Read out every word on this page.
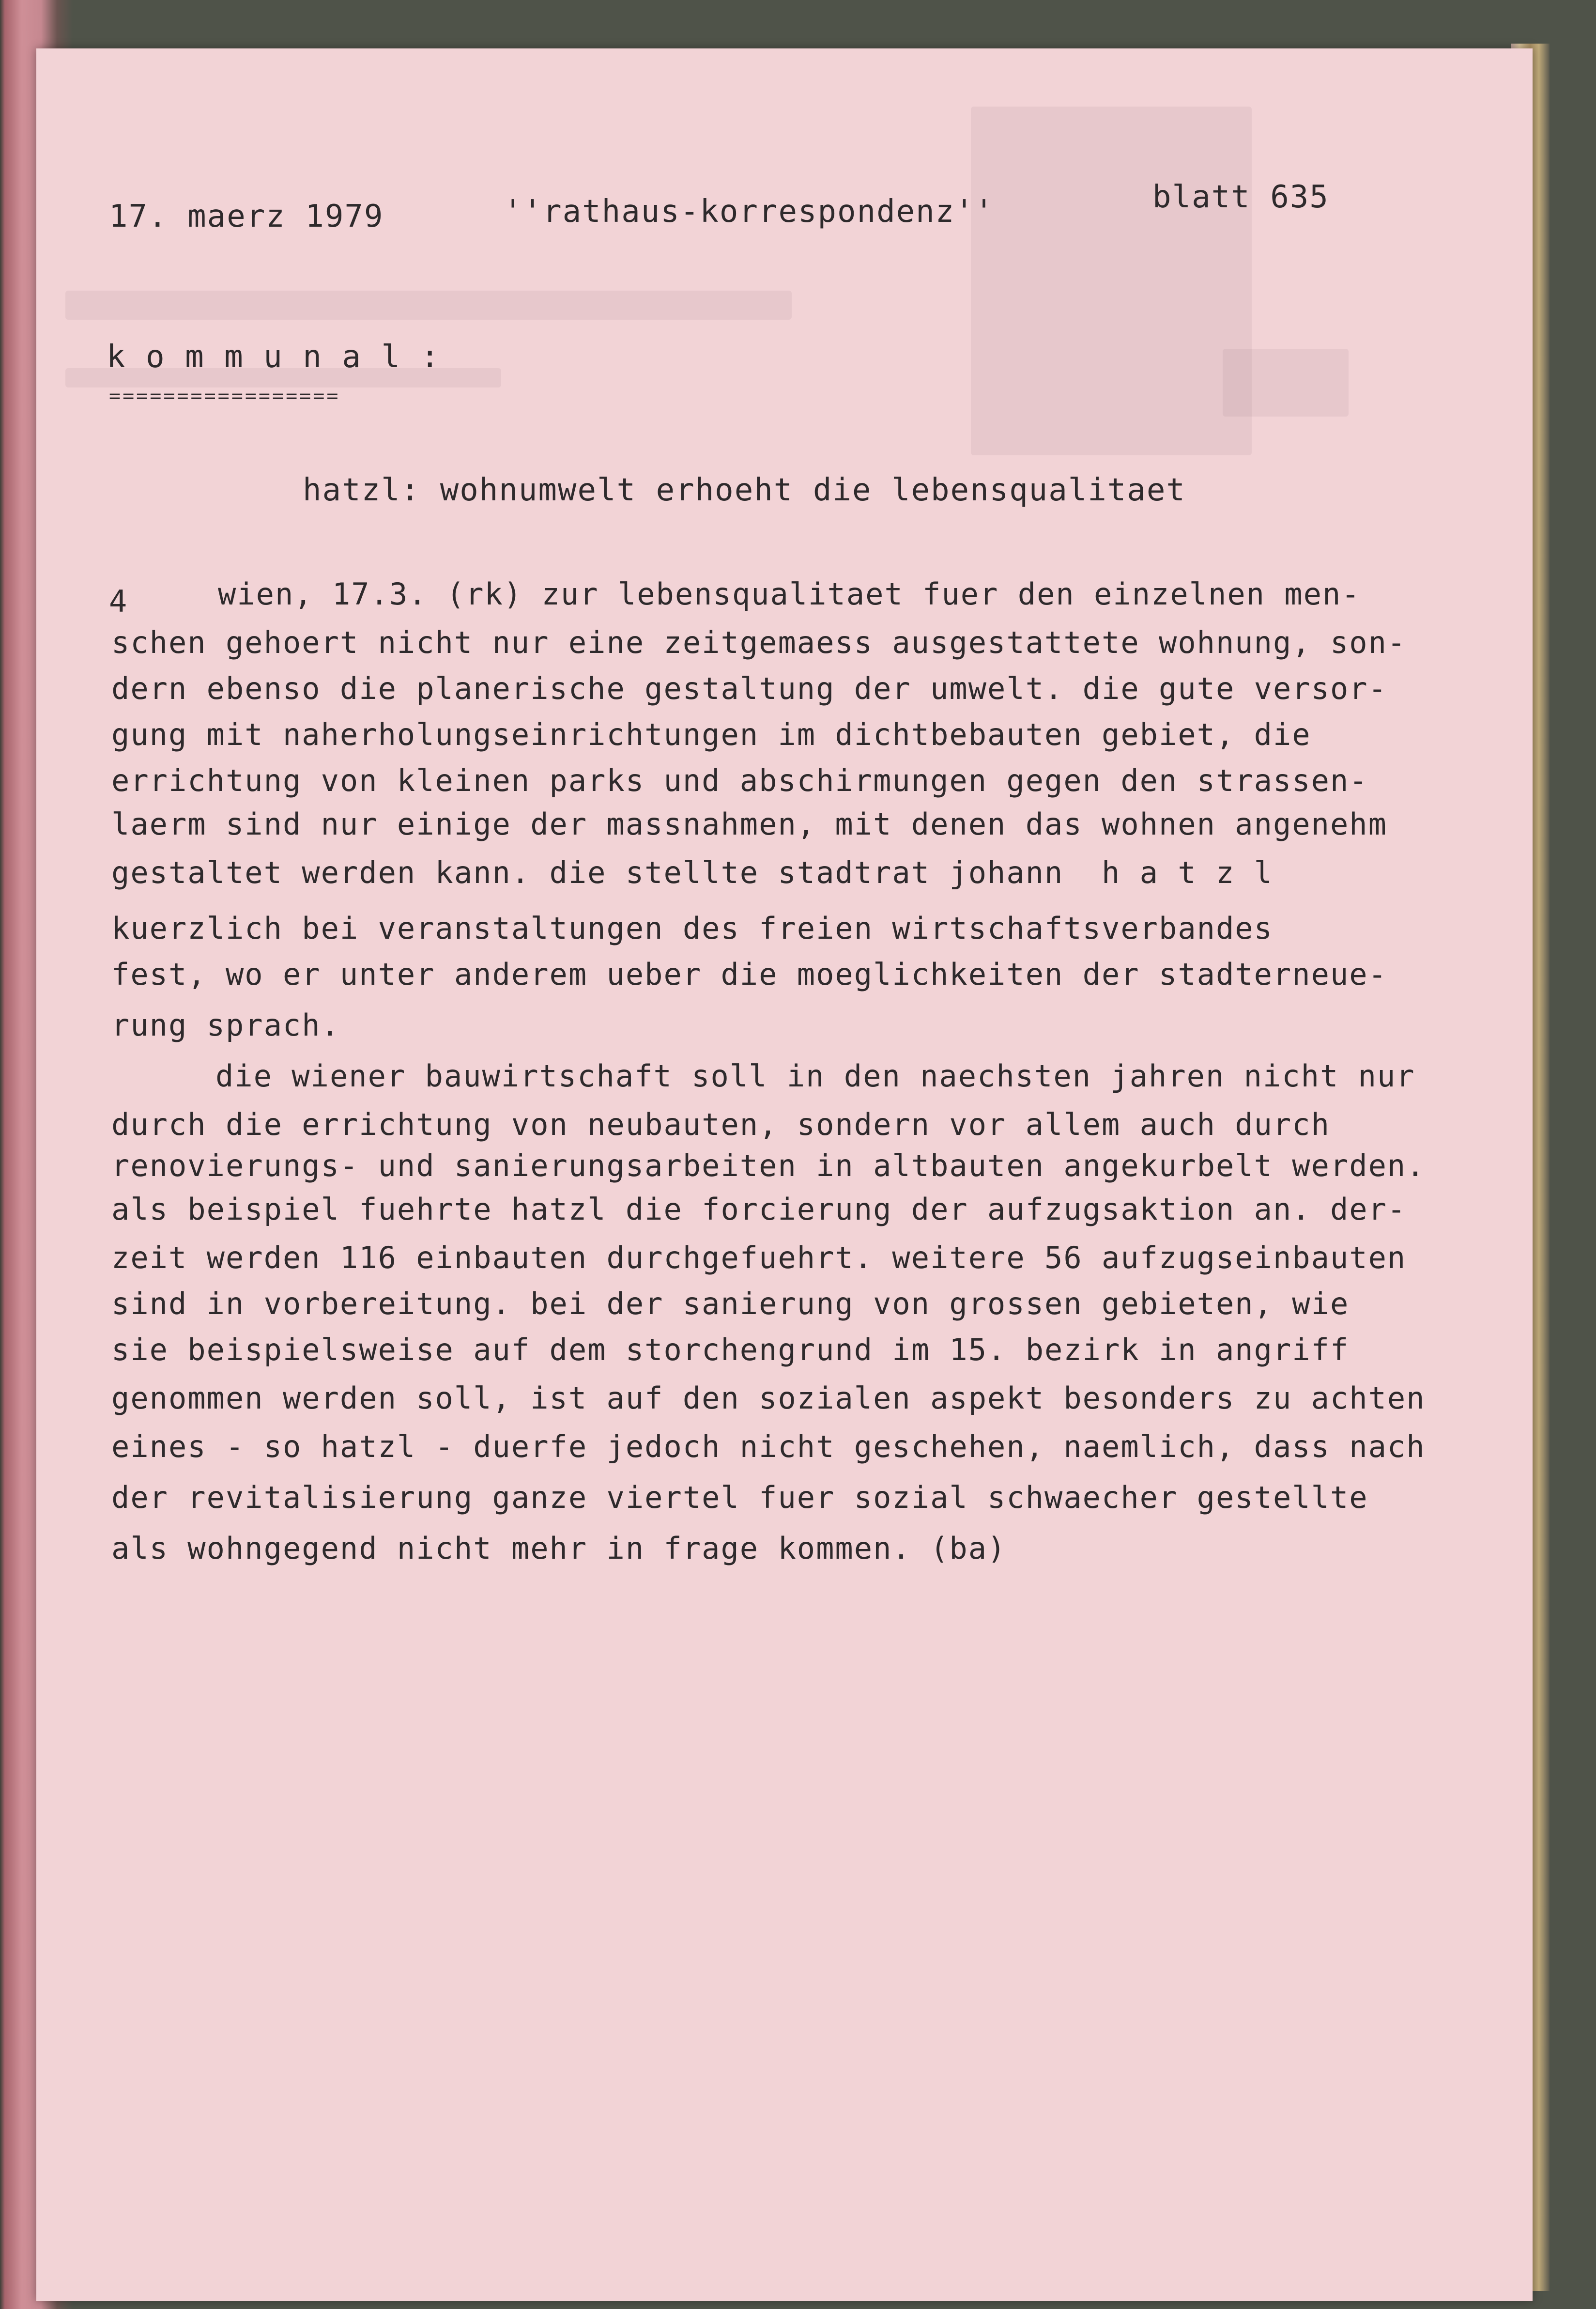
17. maerz 1979	''rathaus-korrespondenz''	blatt 635
k o m m u n a l :
=================
hatzl: wohnumwelt erhoeht die lebensqualitaet
4	wien, 17.3. (rk) zur lebensqualitaet fuer den einzelnen men-
schen gehoert nicht nur eine zeitgemaess ausgestattete wohnung, son-
dern ebenso die planerische gestaltung der umwelt. die gute versor-
gung mit naherholungseinrichtungen im dichtbebauten gebiet, die
errichtung von kleinen parks und abschirmungen gegen den strassen-
laerm sind nur einige der massnahmen, mit denen das wohnen angenehm
gestaltet werden kann. die stellte stadtrat johann  h a t z l
kuerzlich bei veranstaltungen des freien wirtschaftsverbandes
fest, wo er unter anderem ueber die moeglichkeiten der stadterneue-
rung sprach.
die wiener bauwirtschaft soll in den naechsten jahren nicht nur
durch die errichtung von neubauten, sondern vor allem auch durch
renovierungs- und sanierungsarbeiten in altbauten angekurbelt werden.
als beispiel fuehrte hatzl die forcierung der aufzugsaktion an. der-
zeit werden 116 einbauten durchgefuehrt. weitere 56 aufzugseinbauten
sind in vorbereitung. bei der sanierung von grossen gebieten, wie
sie beispielsweise auf dem storchengrund im 15. bezirk in angriff
genommen werden soll, ist auf den sozialen aspekt besonders zu achten
eines - so hatzl - duerfe jedoch nicht geschehen, naemlich, dass nach
der revitalisierung ganze viertel fuer sozial schwaecher gestellte
als wohngegend nicht mehr in frage kommen. (ba)
